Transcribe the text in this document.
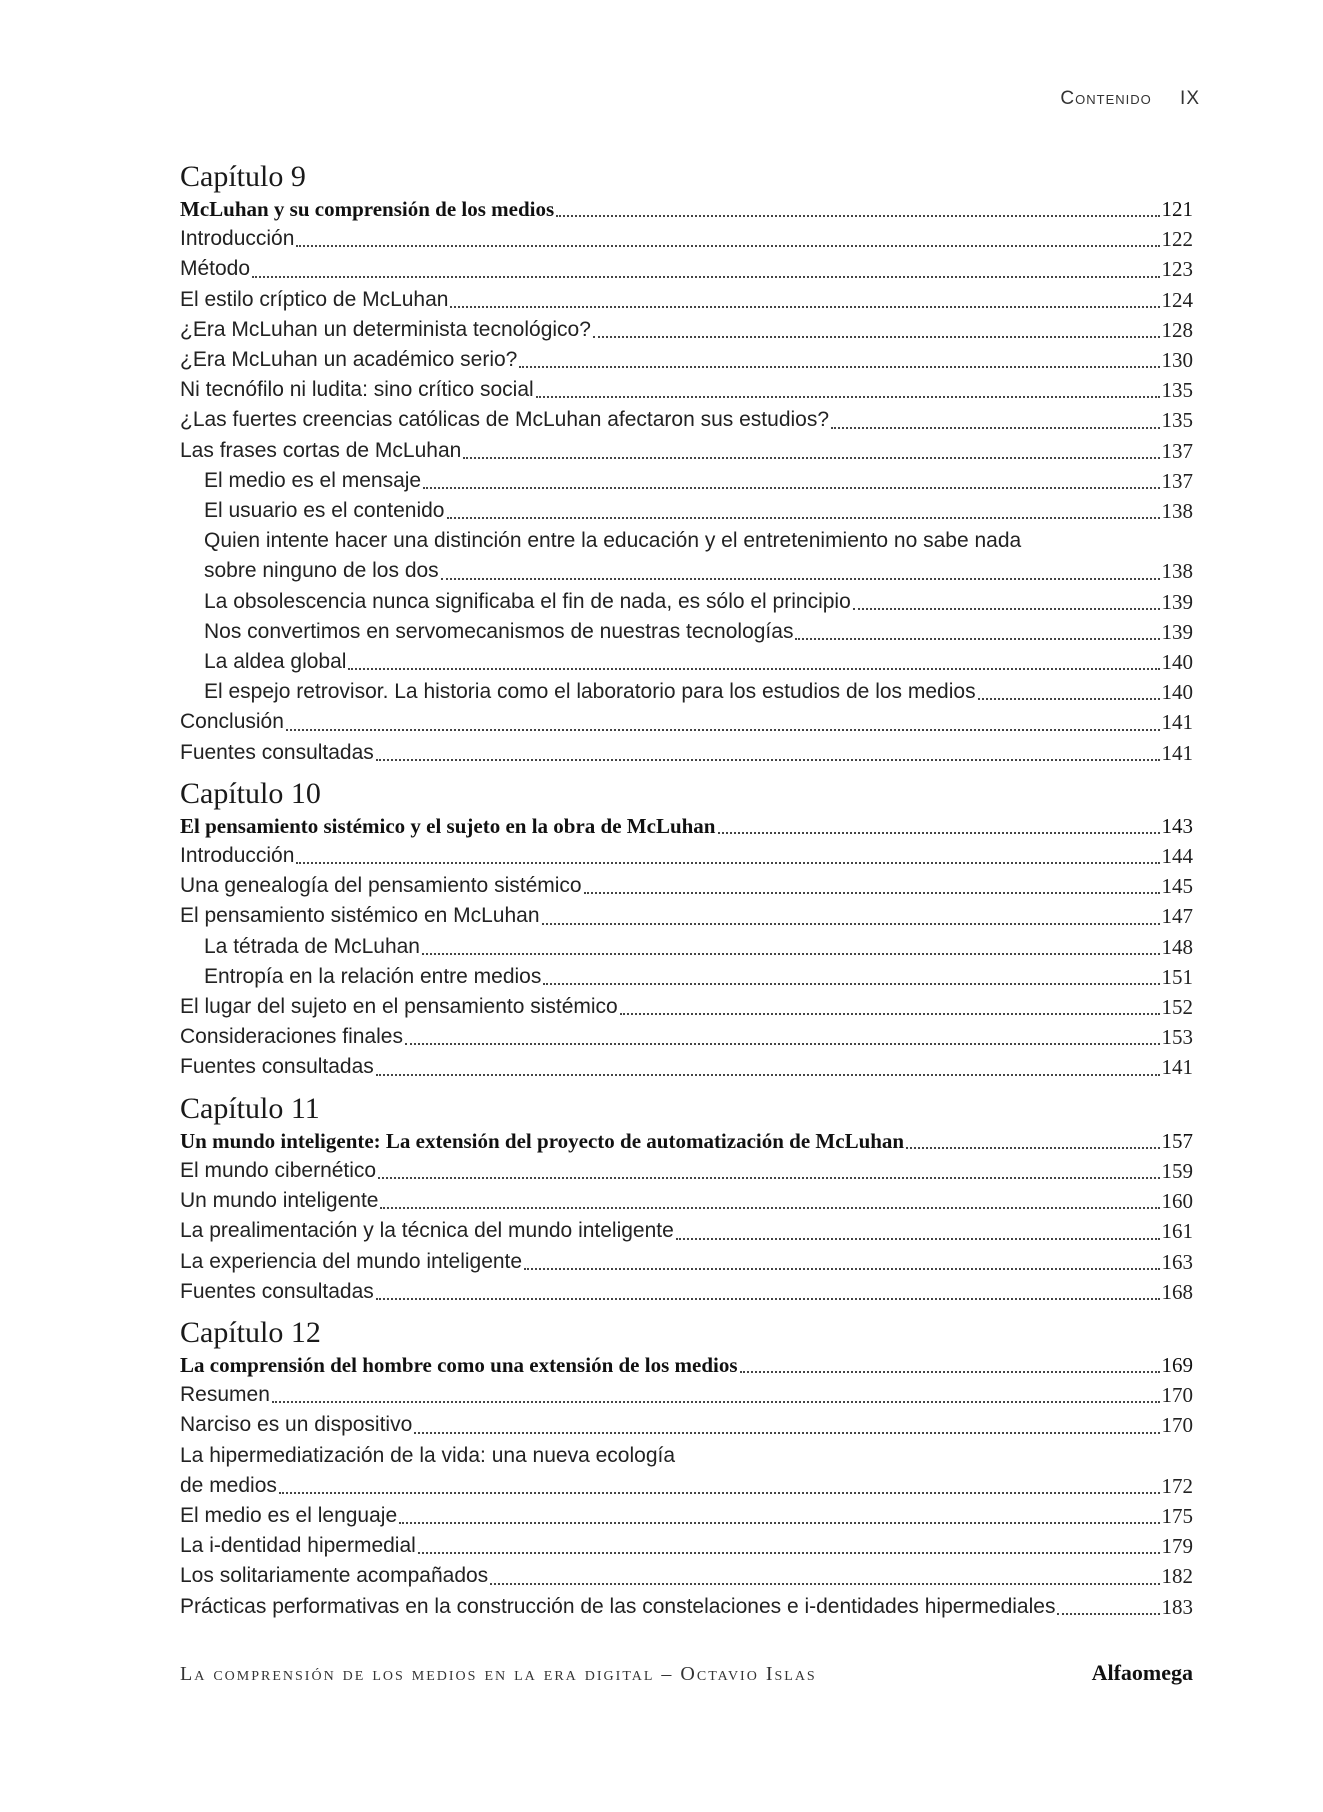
Contenido IX
Capítulo 9
McLuhan y su comprensión de los medios	121
Introducción	122
Método	123
El estilo críptico de McLuhan	124
¿Era McLuhan un determinista tecnológico?	128
¿Era McLuhan un académico serio?	130
Ni tecnófilo ni ludita: sino crítico social	135
¿Las fuertes creencias católicas de McLuhan afectaron sus estudios?	135
Las frases cortas de McLuhan	137
El medio es el mensaje	137
El usuario es el contenido	138
Quien intente hacer una distinción entre la educación y el entretenimiento no sabe nada
sobre ninguno de los dos	138
La obsolescencia nunca significaba el fin de nada, es sólo el principio	139
Nos convertimos en servomecanismos de nuestras tecnologías	139
La aldea global	140
El espejo retrovisor. La historia como el laboratorio para los estudios de los medios	140
Conclusión	141
Fuentes consultadas	141
Capítulo 10
El pensamiento sistémico y el sujeto en la obra de McLuhan	143
Introducción	144
Una genealogía del pensamiento sistémico	145
El pensamiento sistémico en McLuhan	147
La tétrada de McLuhan	148
Entropía en la relación entre medios	151
El lugar del sujeto en el pensamiento sistémico	152
Consideraciones finales	153
Fuentes consultadas	141
Capítulo 11
Un mundo inteligente: La extensión del proyecto de automatización de McLuhan	157
El mundo cibernético	159
Un mundo inteligente	160
La prealimentación y la técnica del mundo inteligente	161
La experiencia del mundo inteligente	163
Fuentes consultadas	168
Capítulo 12
La comprensión del hombre como una extensión de los medios	169
Resumen	170
Narciso es un dispositivo	170
La hipermediatización de la vida: una nueva ecología
de medios	172
El medio es el lenguaje	175
La i-dentidad hipermedial	179
Los solitariamente acompañados	182
Prácticas performativas en la construcción de las constelaciones e i-dentidades hipermediales	183
La comprensión de los medios en la era digital – Octavio Islas	Alfaomega
